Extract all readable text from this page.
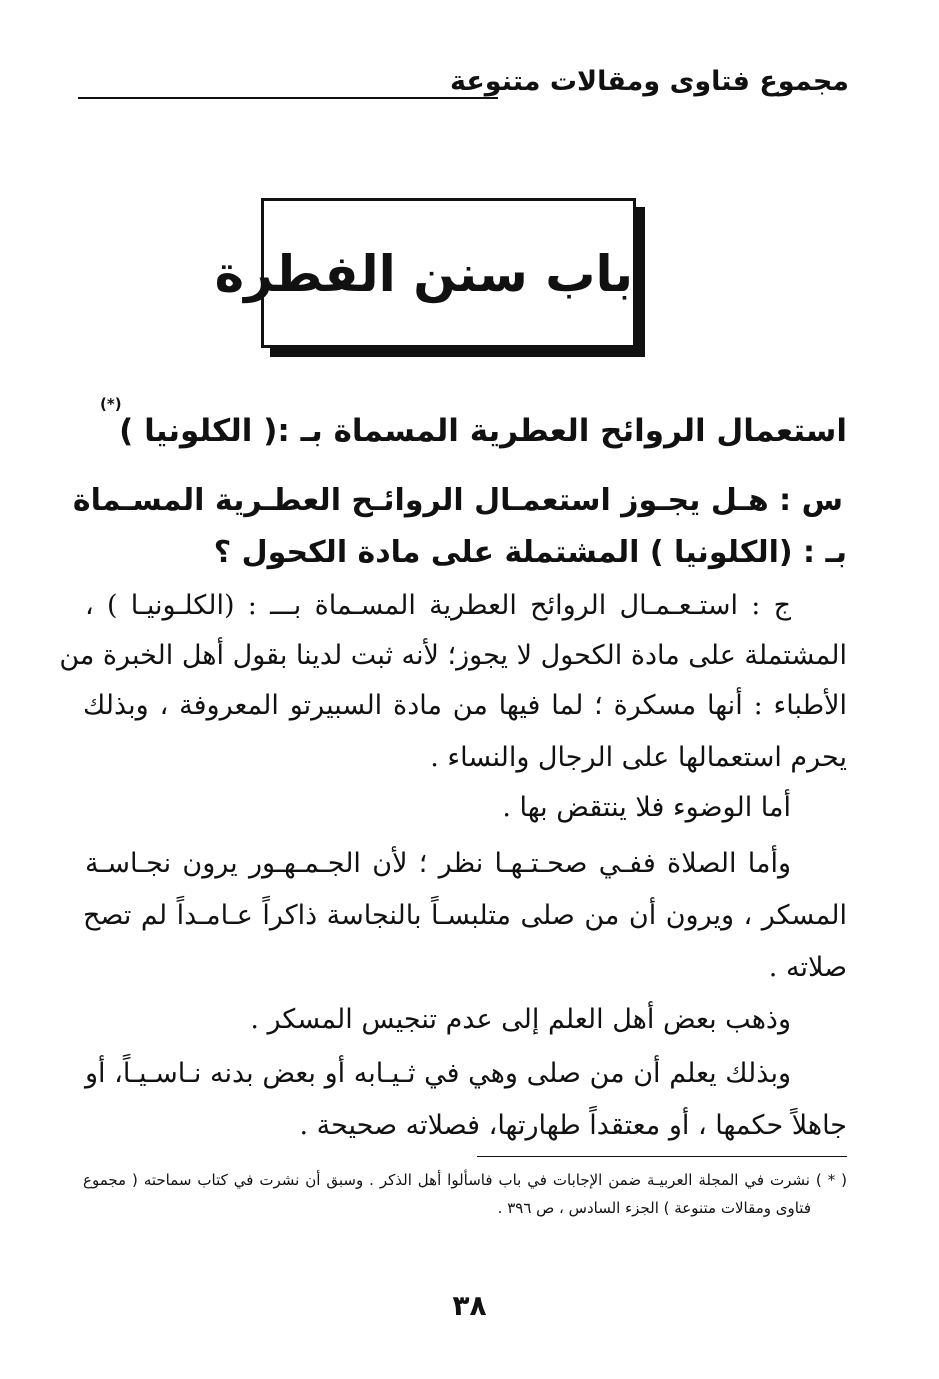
مجموع فتاوى ومقالات متنوعة
باب سنن الفطرة
استعمال الروائح العطرية المسماة بـ :( الكلونيا )
(*)
س : هـل يجـوز استعمـال الروائـح العطـرية المسـماة
بـ : (الكلونيا ) المشتملة على مادة الكحول ؟
ج : استـعـمـال الروائح العطرية المسـماة بـــ : (الكلـونيـا ) ،
المشتملة على مادة الكحول لا يجوز؛ لأنه ثبت لدينا بقول أهل الخبرة من
الأطباء : أنها مسكرة ؛ لما فيها من مادة السبيرتو المعروفة ، وبذلك
يحرم استعمالها على الرجال والنساء .
أما الوضوء فلا ينتقض بها .
وأما الصلاة ففـي صحـتـهـا نظر ؛ لأن الجـمـهـور يرون نجـاسـة
المسكر ، ويرون أن من صلى متلبسـاً بالنجاسة ذاكراً عـامـداً لم تصح
صلاته .
وذهب بعض أهل العلم إلى عدم تنجيس المسكر .
وبذلك يعلم أن من صلى وهي في ثـيـابه أو بعض بدنه نـاسـيـاً، أو
جاهلاً حكمها ، أو معتقداً طهارتها، فصلاته صحيحة .
( * ) نشرت في المجلة العربيـة ضمن الإجابات في باب فاسألوا أهل الذكر . وسبق أن نشرت في كتاب سماحته ( مجموع
فتاوى ومقالات متنوعة ) الجزء السادس ، ص ٣٩٦ .
٣٨
